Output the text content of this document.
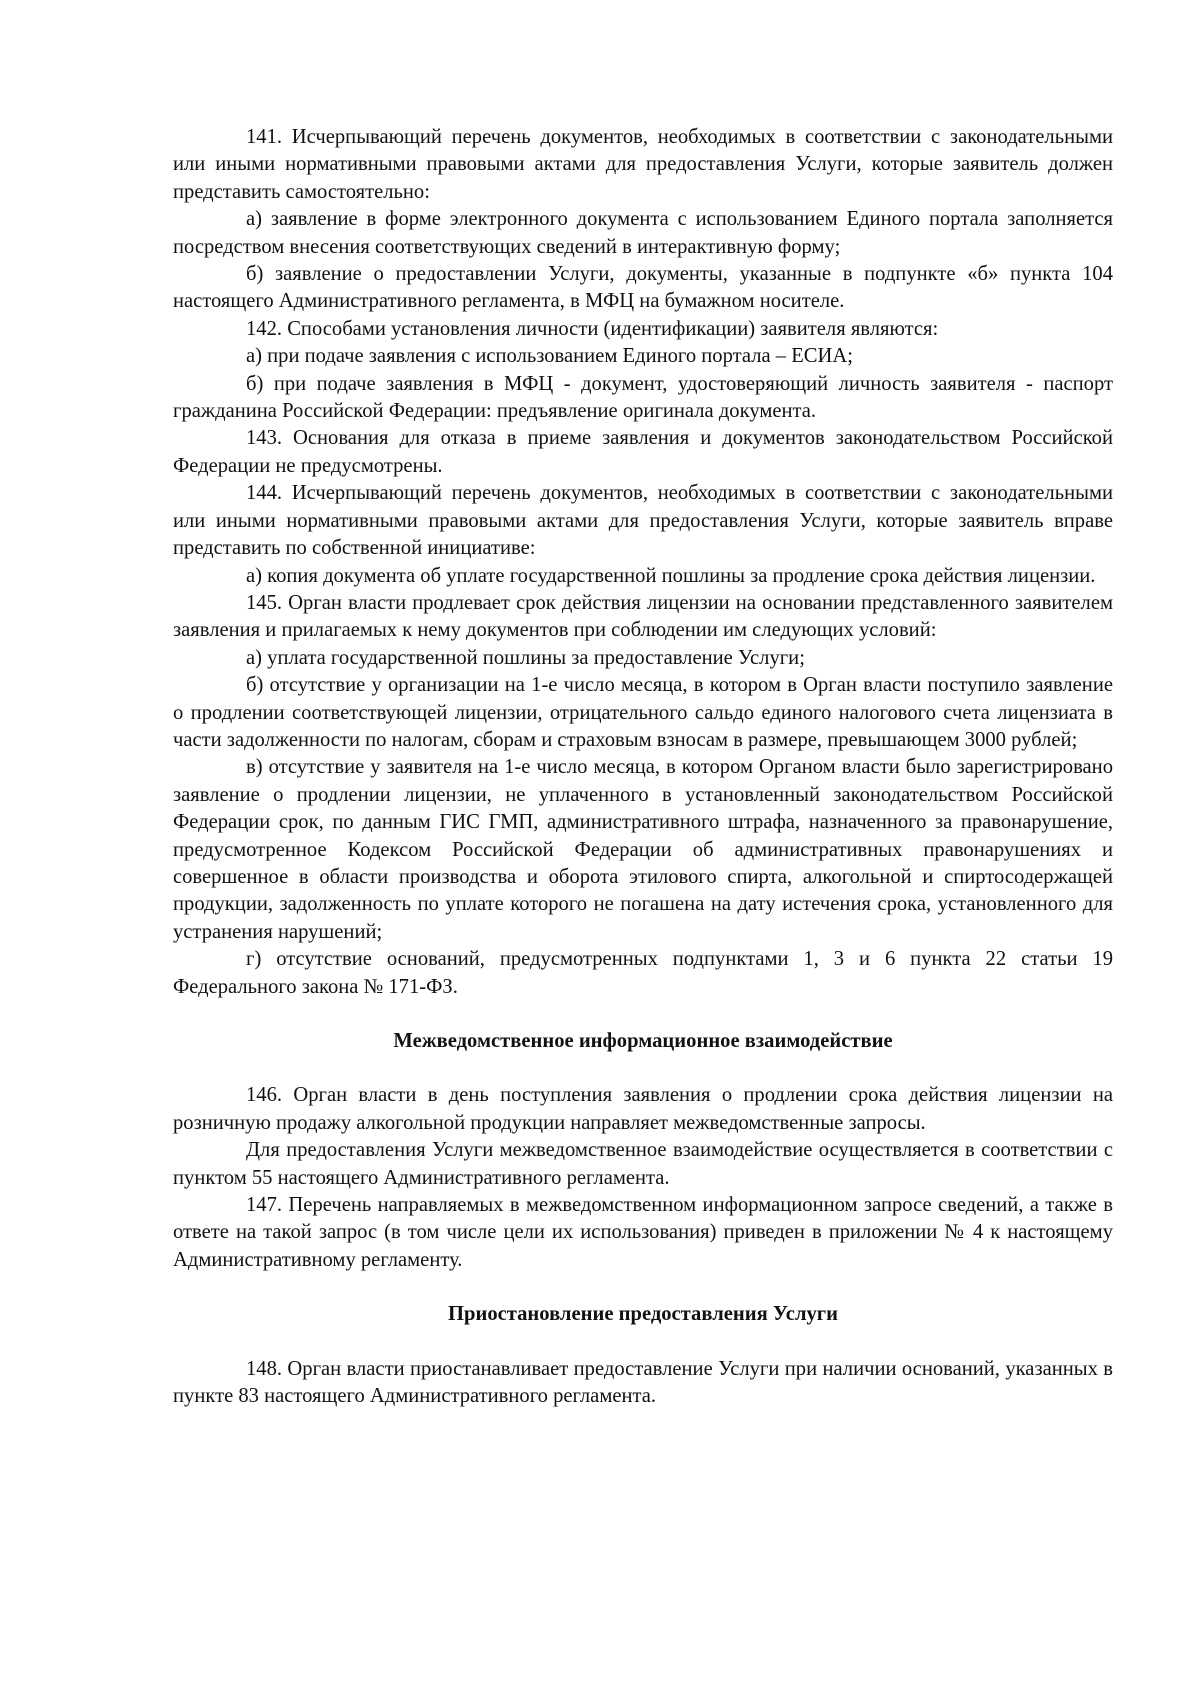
141. Исчерпывающий перечень документов, необходимых в соответствии с законодательными или иными нормативными правовыми актами для предоставления Услуги, которые заявитель должен представить самостоятельно:

а) заявление в форме электронного документа с использованием Единого портала заполняется посредством внесения соответствующих сведений в интерактивную форму;

б) заявление о предоставлении Услуги, документы, указанные в подпункте «б» пункта 104 настоящего Административного регламента, в МФЦ на бумажном носителе.

142. Способами установления личности (идентификации) заявителя являются:

а) при подаче заявления с использованием Единого портала – ЕСИА;

б) при подаче заявления в МФЦ - документ, удостоверяющий личность заявителя - паспорт гражданина Российской Федерации: предъявление оригинала документа.

143. Основания для отказа в приеме заявления и документов законодательством Российской Федерации не предусмотрены.

144. Исчерпывающий перечень документов, необходимых в соответствии с законодательными или иными нормативными правовыми актами для предоставления Услуги, которые заявитель вправе представить по собственной инициативе:

а) копия документа об уплате государственной пошлины за продление срока действия лицензии.

145. Орган власти продлевает срок действия лицензии на основании представленного заявителем заявления и прилагаемых к нему документов при соблюдении им следующих условий:

а) уплата государственной пошлины за предоставление Услуги;

б) отсутствие у организации на 1-е число месяца, в котором в Орган власти поступило заявление о продлении соответствующей лицензии, отрицательного сальдо единого налогового счета лицензиата в части задолженности по налогам, сборам и страховым взносам в размере, превышающем 3000 рублей;

в) отсутствие у заявителя на 1-е число месяца, в котором Органом власти было зарегистрировано заявление о продлении лицензии, не уплаченного в установленный законодательством Российской Федерации срок, по данным ГИС ГМП, административного штрафа, назначенного за правонарушение, предусмотренное Кодексом Российской Федерации об административных правонарушениях и совершенное в области производства и оборота этилового спирта, алкогольной и спиртосодержащей продукции, задолженность по уплате которого не погашена на дату истечения срока, установленного для устранения нарушений;

г) отсутствие оснований, предусмотренных подпунктами 1, 3 и 6 пункта 22 статьи 19 Федерального закона № 171-ФЗ.

Межведомственное информационное взаимодействие

146. Орган власти в день поступления заявления о продлении срока действия лицензии на розничную продажу алкогольной продукции направляет межведомственные запросы.

Для предоставления Услуги межведомственное взаимодействие осуществляется в соответствии с пунктом 55 настоящего Административного регламента.

147. Перечень направляемых в межведомственном информационном запросе сведений, а также в ответе на такой запрос (в том числе цели их использования) приведен в приложении № 4 к настоящему Административному регламенту.

Приостановление предоставления Услуги

148. Орган власти приостанавливает предоставление Услуги при наличии оснований, указанных в пункте 83 настоящего Административного регламента.
